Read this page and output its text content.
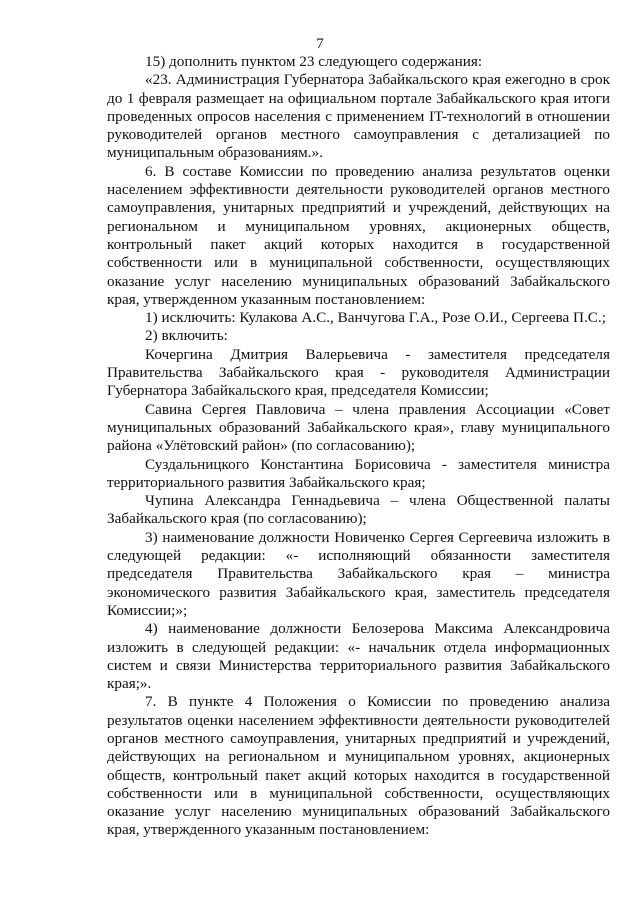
7

15) дополнить пунктом 23 следующего содержания:

«23. Администрация Губернатора Забайкальского края ежегодно в срок до 1 февраля размещает на официальном портале Забайкальского края итоги проведенных опросов населения с применением IT-технологий в отношении руководителей органов местного самоуправления с детализацией по муниципальным образованиям.».

6. В составе Комиссии по проведению анализа результатов оценки населением эффективности деятельности руководителей органов местного самоуправления, унитарных предприятий и учреждений, действующих на региональном и муниципальном уровнях, акционерных обществ, контрольный пакет акций которых находится в государственной собственности или в муниципальной собственности, осуществляющих оказание услуг населению муниципальных образований Забайкальского края, утвержденном указанным постановлением:

1) исключить: Кулакова А.С., Ванчугова Г.А., Розе О.И., Сергеева П.С.;

2) включить:

Кочергина Дмитрия Валерьевича - заместителя председателя Правительства Забайкальского края - руководителя Администрации Губернатора Забайкальского края, председателя Комиссии;

Савина Сергея Павловича – члена правления Ассоциации «Совет муниципальных образований Забайкальского края», главу муниципального района «Улётовский район» (по согласованию);

Суздальницкого Константина Борисовича - заместителя министра территориального развития Забайкальского края;

Чупина Александра Геннадьевича – члена Общественной палаты Забайкальского края (по согласованию);

3) наименование должности Новиченко Сергея Сергеевича изложить в следующей редакции: «- исполняющий обязанности заместителя председателя Правительства Забайкальского края – министра экономического развития Забайкальского края, заместитель председателя Комиссии;»;

4) наименование должности Белозерова Максима Александровича изложить в следующей редакции: «- начальник отдела информационных систем и связи Министерства территориального развития Забайкальского края;».

7. В пункте 4 Положения о Комиссии по проведению анализа результатов оценки населением эффективности деятельности руководителей органов местного самоуправления, унитарных предприятий и учреждений, действующих на региональном и муниципальном уровнях, акционерных обществ, контрольный пакет акций которых находится в государственной собственности или в муниципальной собственности, осуществляющих оказание услуг населению муниципальных образований Забайкальского края, утвержденного указанным постановлением:
